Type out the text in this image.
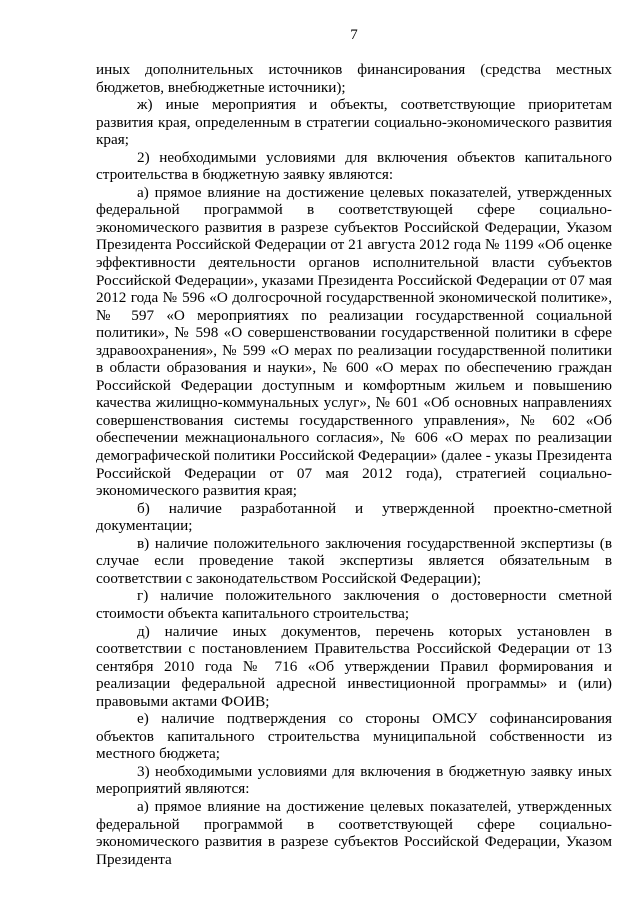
7

иных дополнительных источников финансирования (средства местных бюджетов, внебюджетные источники);

ж) иные мероприятия и объекты, соответствующие приоритетам развития края, определенным в стратегии социально-экономического развития края;

2) необходимыми условиями для включения объектов капитального строительства в бюджетную заявку являются:

а) прямое влияние на достижение целевых показателей, утвержденных федеральной программой в соответствующей сфере социально-экономического развития в разрезе субъектов Российской Федерации, Указом Президента Российской Федерации от 21 августа 2012 года № 1199 «Об оценке эффективности деятельности органов исполнительной власти субъектов Российской Федерации», указами Президента Российской Федерации от 07 мая 2012 года № 596 «О долгосрочной государственной экономической политике», № 597 «О мероприятиях по реализации государственной социальной политики», № 598 «О совершенствовании государственной политики в сфере здравоохранения», № 599 «О мерах по реализации государственной политики в области образования и науки», № 600 «О мерах по обеспечению граждан Российской Федерации доступным и комфортным жильем и повышению качества жилищно-коммунальных услуг», № 601 «Об основных направлениях совершенствования системы государственного управления», № 602 «Об обеспечении межнационального согласия», № 606 «О мерах по реализации демографической политики Российской Федерации» (далее - указы Президента Российской Федерации от 07 мая 2012 года), стратегией социально-экономического развития края;

б) наличие разработанной и утвержденной проектно-сметной документации;

в) наличие положительного заключения государственной экспертизы (в случае если проведение такой экспертизы является обязательным в соответствии с законодательством Российской Федерации);

г) наличие положительного заключения о достоверности сметной стоимости объекта капитального строительства;

д) наличие иных документов, перечень которых установлен в соответствии с постановлением Правительства Российской Федерации от 13 сентября 2010 года № 716 «Об утверждении Правил формирования и реализации федеральной адресной инвестиционной программы» и (или) правовыми актами ФОИВ;

е) наличие подтверждения со стороны ОМСУ софинансирования объектов капитального строительства муниципальной собственности из местного бюджета;

3) необходимыми условиями для включения в бюджетную заявку иных мероприятий являются:

а) прямое влияние на достижение целевых показателей, утвержденных федеральной программой в соответствующей сфере социально-экономического развития в разрезе субъектов Российской Федерации, Указом Президента
